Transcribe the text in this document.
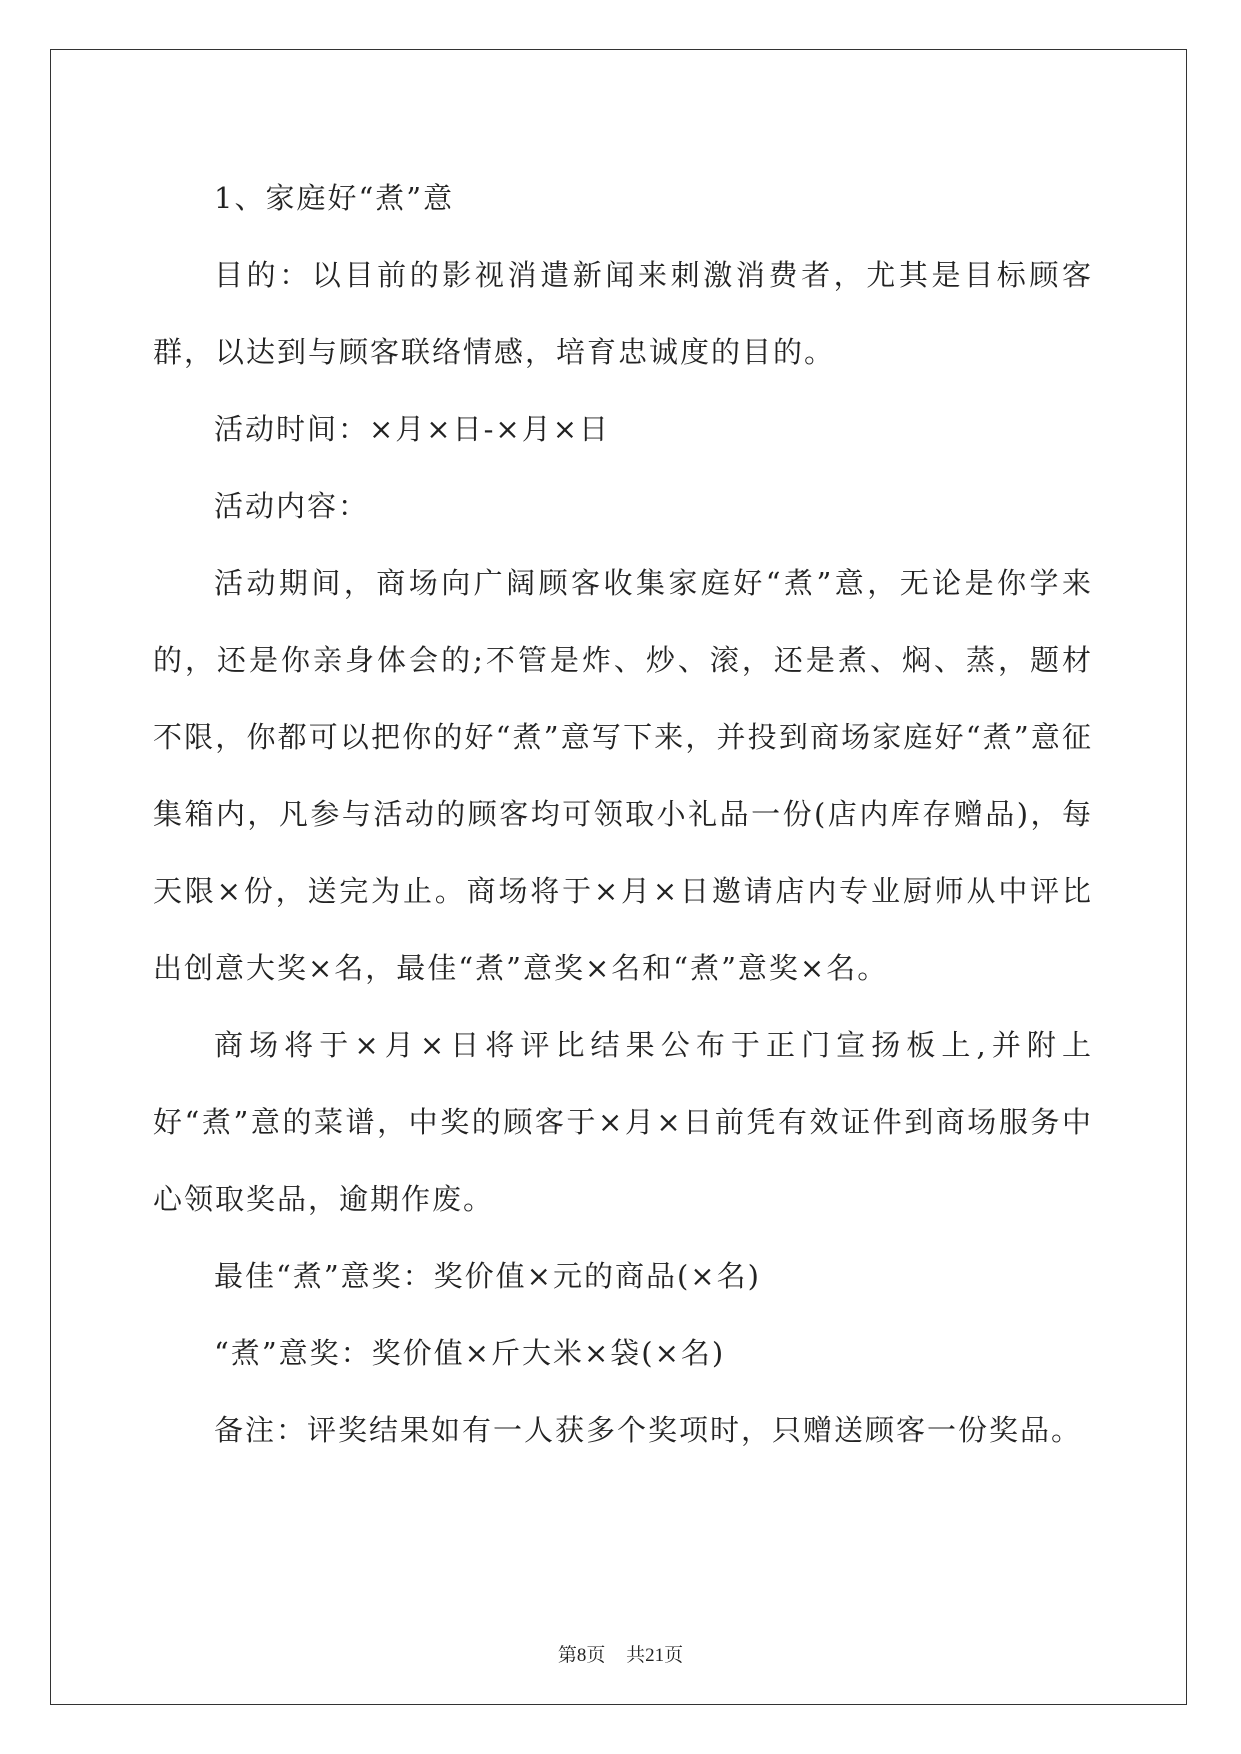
1、家庭好“煮”意

目的：以目前的影视消遣新闻来刺激消费者，尤其是目标顾客群，以达到与顾客联络情感，培育忠诚度的目的。

活动时间：×月×日-×月×日

活动内容：

活动期间，商场向广阔顾客收集家庭好“煮”意，无论是你学来的，还是你亲身体会的;不管是炸、炒、滚，还是煮、焖、蒸，题材不限，你都可以把你的好“煮”意写下来，并投到商场家庭好“煮”意征集箱内，凡参与活动的顾客均可领取小礼品一份(店内库存赠品)，每天限×份，送完为止。商场将于×月×日邀请店内专业厨师从中评比出创意大奖×名，最佳“煮”意奖×名和“煮”意奖×名。

商场将于×月×日将评比结果公布于正门宣扬板上,并附上好“煮”意的菜谱，中奖的顾客于×月×日前凭有效证件到商场服务中心领取奖品，逾期作废。

最佳“煮”意奖：奖价值×元的商品(×名)

“煮”意奖：奖价值×斤大米×袋(×名)

备注：评奖结果如有一人获多个奖项时，只赠送顾客一份奖品。

第8页 共21页
